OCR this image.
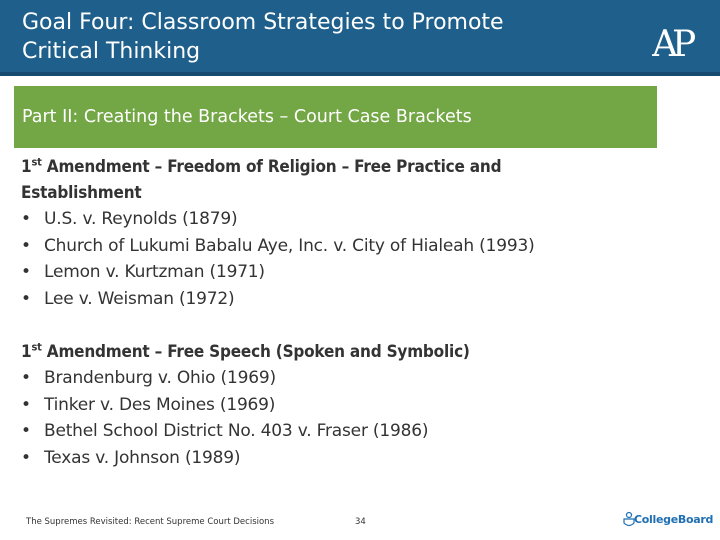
Goal Four: Classroom Strategies to Promote
Critical Thinking	AP
Part II: Creating the Brackets – Court Case Brackets
1st Amendment – Freedom of Religion – Free Practice and
Establishment
• U.S. v. Reynolds (1879)
• Church of Lukumi Babalu Aye, Inc. v. City of Hialeah (1993)
• Lemon v. Kurtzman (1971)
• Lee v. Weisman (1972)
1st Amendment – Free Speech (Spoken and Symbolic)
• Brandenburg v. Ohio (1969)
• Tinker v. Des Moines (1969)
• Bethel School District No. 403 v. Fraser (1986)
• Texas v. Johnson (1989)
The Supremes Revisited: Recent Supreme Court Decisions	34	CollegeBoard
